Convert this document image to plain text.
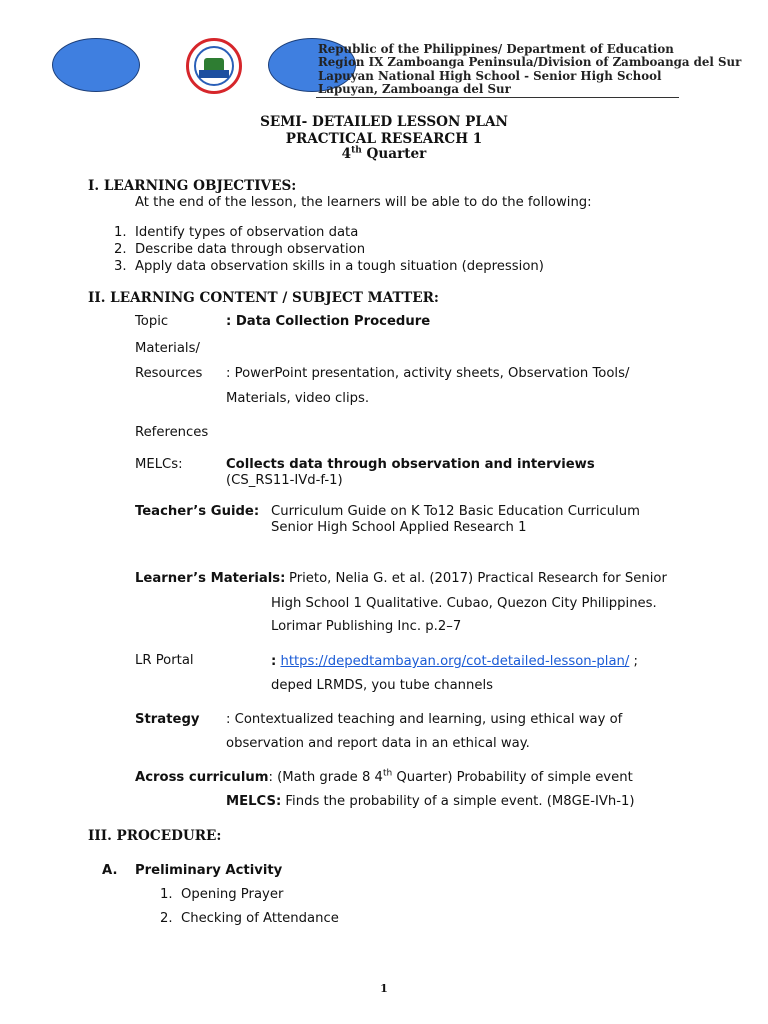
Republic of the Philippines/ Department of Education
Region IX Zamboanga Peninsula/Division of Zamboanga del Sur
Lapuyan National High School - Senior High School
Lapuyan, Zamboanga del Sur
SEMI- DETAILED LESSON PLAN
PRACTICAL RESEARCH 1
4th Quarter
I. LEARNING OBJECTIVES:
At the end of the lesson, the learners will be able to do the following:
1. Identify types of observation data
2. Describe data through observation
3. Apply data observation skills in a tough situation (depression)
II. LEARNING CONTENT / SUBJECT MATTER:
Topic	: Data Collection Procedure
Materials/
Resources : PowerPoint presentation, activity sheets, Observation Tools/
Materials, video clips.
References
MELCs:	Collects data through observation and interviews
(CS_RS11-IVd-f-1)
Teacher’s Guide: Curriculum Guide on K To12 Basic Education Curriculum
Senior High School Applied Research 1
Learner’s Materials: Prieto, Nelia G. et al. (2017) Practical Research for Senior
High School 1 Qualitative. Cubao, Quezon City Philippines.
Lorimar Publishing Inc. p.2–7
LR Portal	: https://depedtambayan.org/cot-detailed-lesson-plan/ ;
deped LRMDS, you tube channels
Strategy : Contextualized teaching and learning, using ethical way of
observation and report data in an ethical way.
Across curriculum: (Math grade 8 4th Quarter) Probability of simple event
MELCS: Finds the probability of a simple event. (M8GE-IVh-1)
III. PROCEDURE:
A. Preliminary Activity
1. Opening Prayer
2. Checking of Attendance
1
